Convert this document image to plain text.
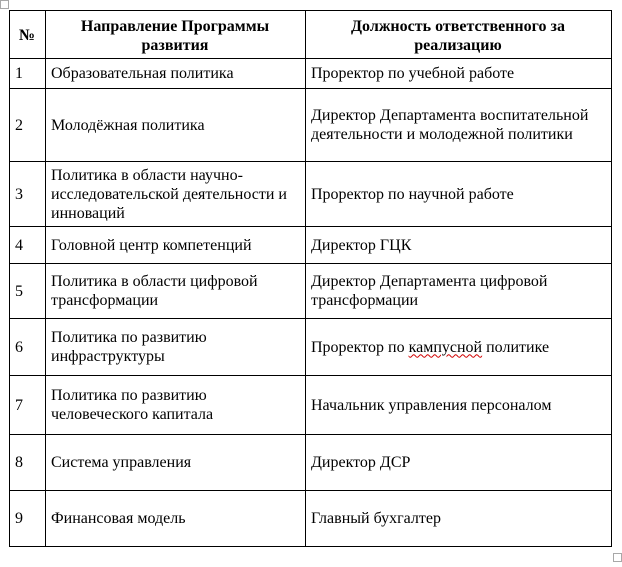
№	Направление Программы развития	Должность ответственного за реализацию
1	Образовательная политика	Проректор по учебной работе
2	Молодёжная политика	Директор Департамента воспитательной деятельности и молодежной политики
3	Политика в области научно-исследовательской деятельности и инноваций	Проректор по научной работе
4	Головной центр компетенций	Директор ГЦК
5	Политика в области цифровой трансформации	Директор Департамента цифровой трансформации
6	Политика по развитию инфраструктуры	Проректор по кампусной политике
7	Политика по развитию человеческого капитала	Начальник управления персоналом
8	Система управления	Директор ДСР
9	Финансовая модель	Главный бухгалтер
